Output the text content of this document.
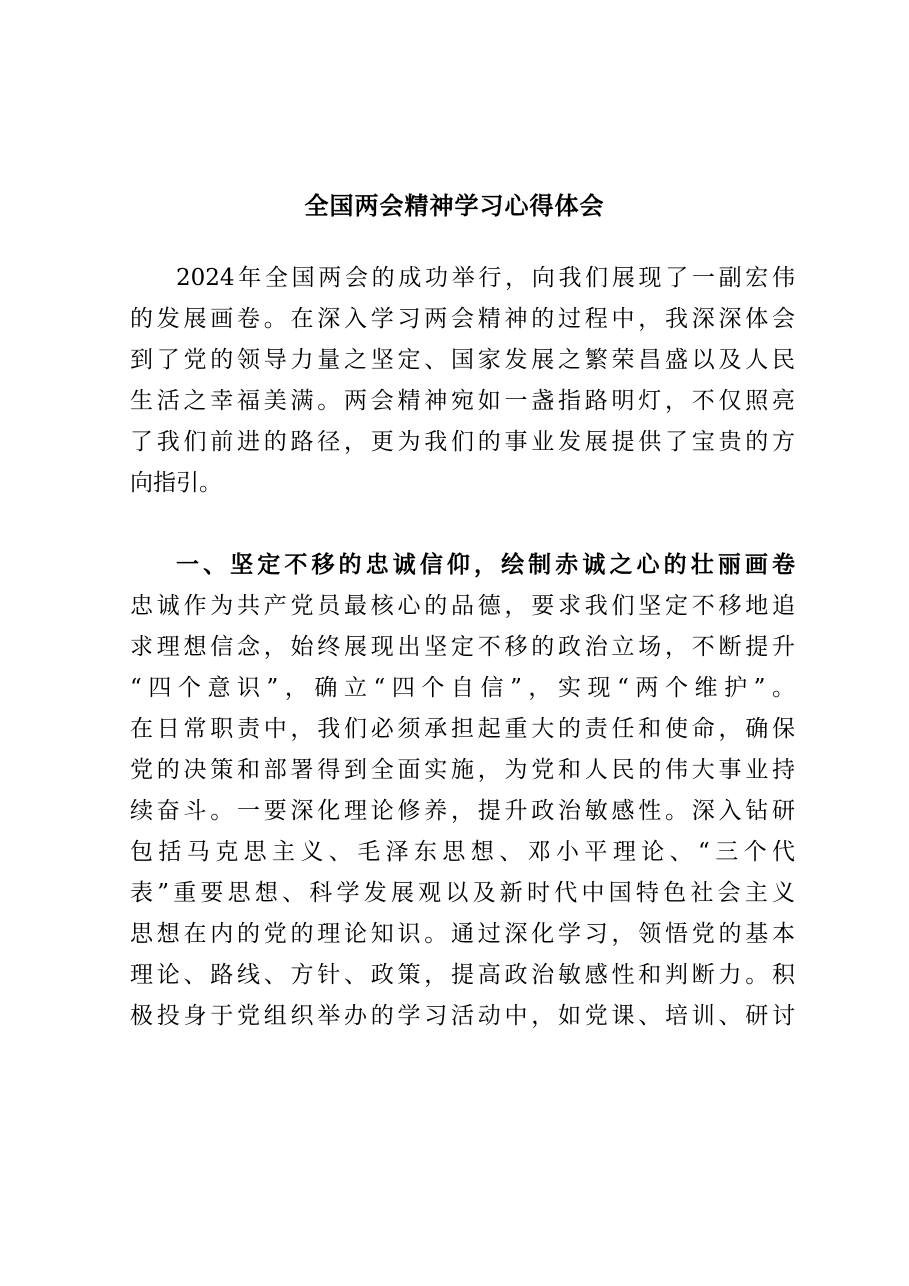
全国两会精神学习心得体会
2024年全国两会的成功举行，向我们展现了一副宏伟
的发展画卷。在深入学习两会精神的过程中，我深深体会
到了党的领导力量之坚定、国家发展之繁荣昌盛以及人民
生活之幸福美满。两会精神宛如一盏指路明灯，不仅照亮
了我们前进的路径，更为我们的事业发展提供了宝贵的方
向指引。
一、坚定不移的忠诚信仰，绘制赤诚之心的壮丽画卷
忠诚作为共产党员最核心的品德，要求我们坚定不移地追
求理想信念，始终展现出坚定不移的政治立场，不断提升
“四个意识”，确立“四个自信”，实现“两个维护”。
在日常职责中，我们必须承担起重大的责任和使命，确保
党的决策和部署得到全面实施，为党和人民的伟大事业持
续奋斗。一要深化理论修养，提升政治敏感性。深入钻研
包括马克思主义、毛泽东思想、邓小平理论、“三个代
表”重要思想、科学发展观以及新时代中国特色社会主义
思想在内的党的理论知识。通过深化学习，领悟党的基本
理论、路线、方针、政策，提高政治敏感性和判断力。积
极投身于党组织举办的学习活动中，如党课、培训、研讨
